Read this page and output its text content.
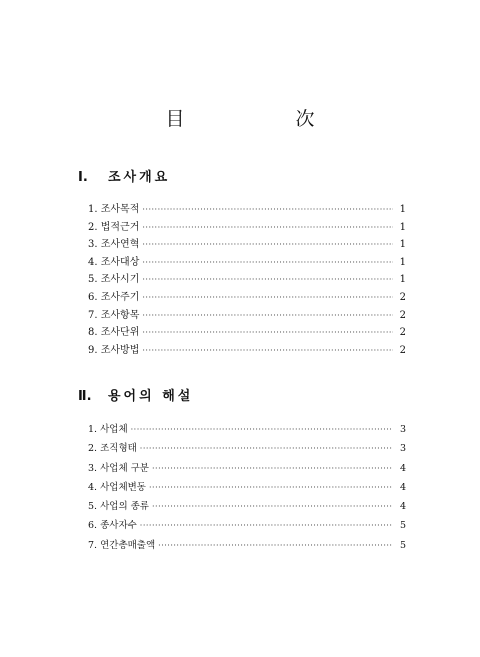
目　次
Ⅰ. 조사개요
1. 조사목적 ·····	1
2. 법적근거 ·····	1
3. 조사연혁 ·····	1
4. 조사대상 ·····	1
5. 조사시기 ·····	1
6. 조사주기 ·····	2
7. 조사항목 ·····	2
8. 조사단위 ·····	2
9. 조사방법 ·····	2
Ⅱ. 용어의 해설
1. 사업체 ·····	3
2. 조직형태 ·····	3
3. 사업체 구분 ·····	4
4. 사업체변동 ·····	4
5. 사업의 종류 ·····	4
6. 종사자수 ·····	5
7. 연간총매출액 ·····	5
